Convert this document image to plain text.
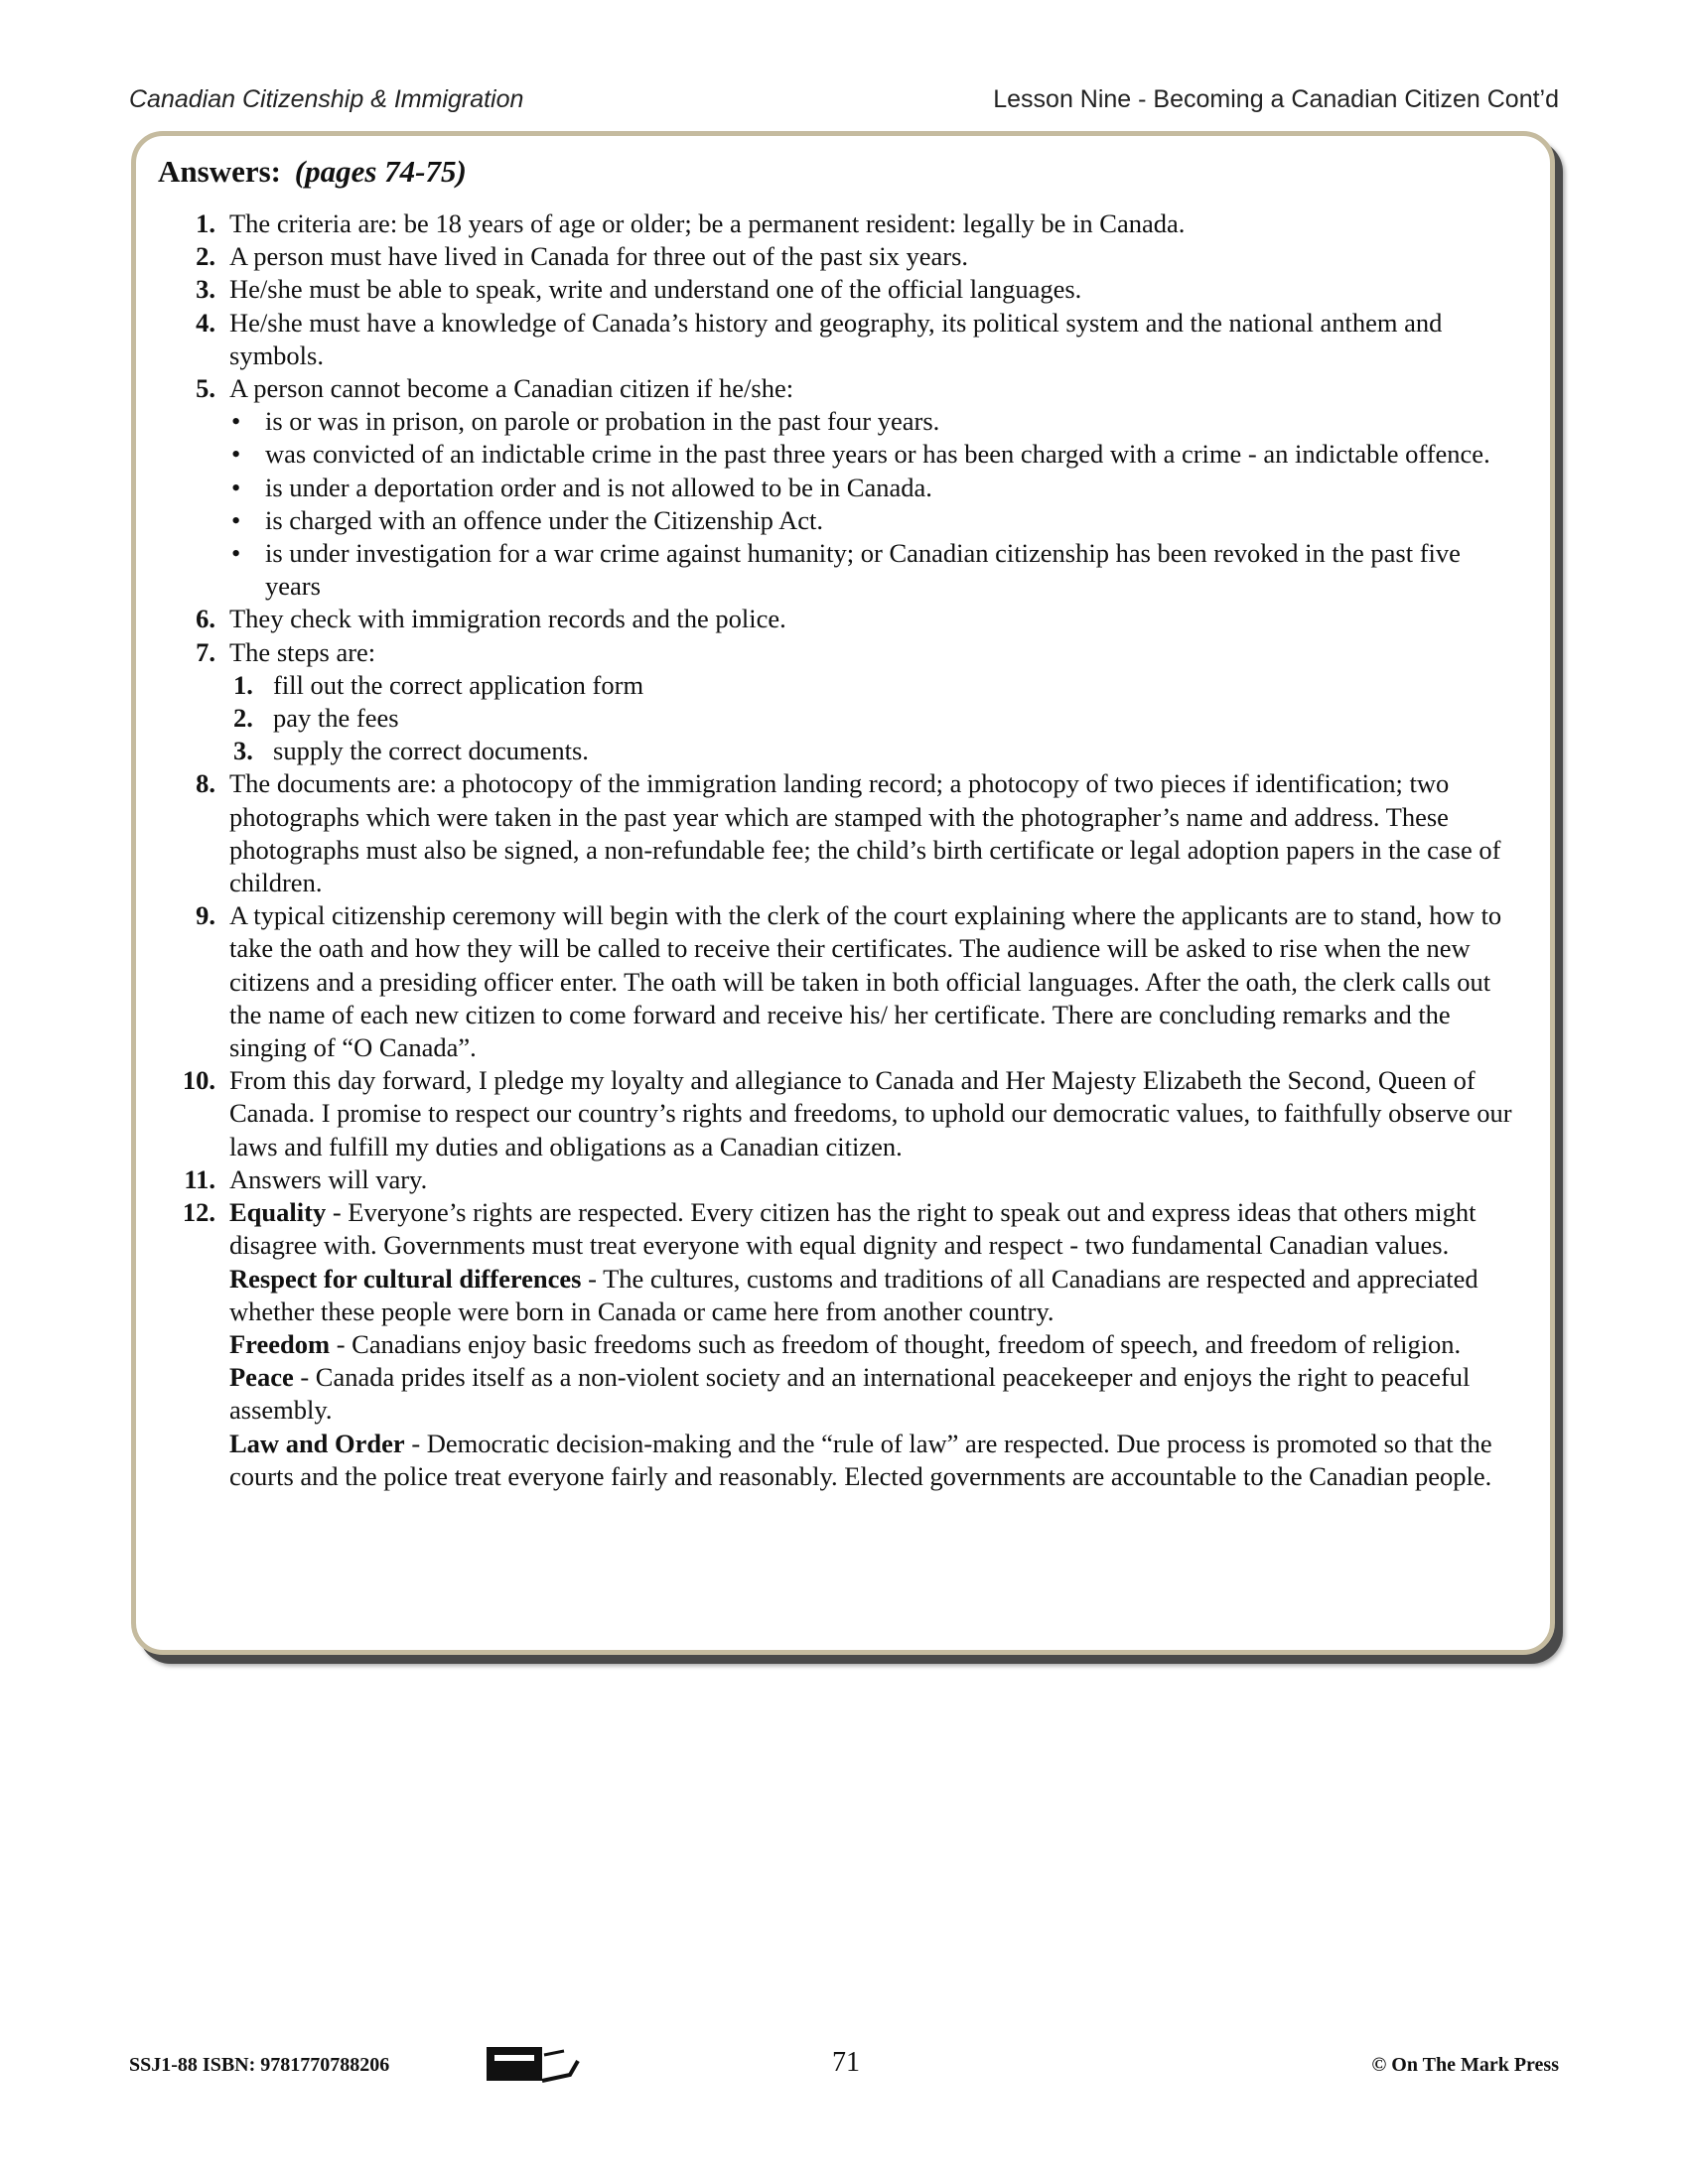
Canadian Citizenship & Immigration	Lesson Nine - Becoming a Canadian Citizen Cont’d
Answers: (pages 74-75)
1. The criteria are: be 18 years of age or older; be a permanent resident: legally be in Canada.
2. A person must have lived in Canada for three out of the past six years.
3. He/she must be able to speak, write and understand one of the official languages.
4. He/she must have a knowledge of Canada’s history and geography, its political system and the national anthem and symbols.
5. A person cannot become a Canadian citizen if he/she:
• is or was in prison, on parole or probation in the past four years.
• was convicted of an indictable crime in the past three years or has been charged with a crime - an indictable offence.
• is under a deportation order and is not allowed to be in Canada.
• is charged with an offence under the Citizenship Act.
• is under investigation for a war crime against humanity; or Canadian citizenship has been revoked in the past five years
6. They check with immigration records and the police.
7. The steps are:
1. fill out the correct application form
2. pay the fees
3. supply the correct documents.
8. The documents are: a photocopy of the immigration landing record; a photocopy of two pieces if identification; two photographs which were taken in the past year which are stamped with the photographer’s name and address. These photographs must also be signed, a non-refundable fee; the child’s birth certificate or legal adoption papers in the case of children.
9. A typical citizenship ceremony will begin with the clerk of the court explaining where the applicants are to stand, how to take the oath and how they will be called to receive their certificates. The audience will be asked to rise when the new citizens and a presiding officer enter. The oath will be taken in both official languages. After the oath, the clerk calls out the name of each new citizen to come forward and receive his/ her certificate. There are concluding remarks and the singing of “O Canada”.
10. From this day forward, I pledge my loyalty and allegiance to Canada and Her Majesty Elizabeth the Second, Queen of Canada. I promise to respect our country’s rights and freedoms, to uphold our democratic values, to faithfully observe our laws and fulfill my duties and obligations as a Canadian citizen.
11. Answers will vary.
12. Equality - Everyone’s rights are respected. Every citizen has the right to speak out and express ideas that others might disagree with. Governments must treat everyone with equal dignity and respect - two fundamental Canadian values.
Respect for cultural differences - The cultures, customs and traditions of all Canadians are respected and appreciated whether these people were born in Canada or came here from another country.
Freedom - Canadians enjoy basic freedoms such as freedom of thought, freedom of speech, and freedom of religion.
Peace - Canada prides itself as a non-violent society and an international peacekeeper and enjoys the right to peaceful assembly.
Law and Order - Democratic decision-making and the “rule of law” are respected. Due process is promoted so that the courts and the police treat everyone fairly and reasonably. Elected governments are accountable to the Canadian people.
SSJ1-88 ISBN: 9781770788206	71	© On The Mark Press
